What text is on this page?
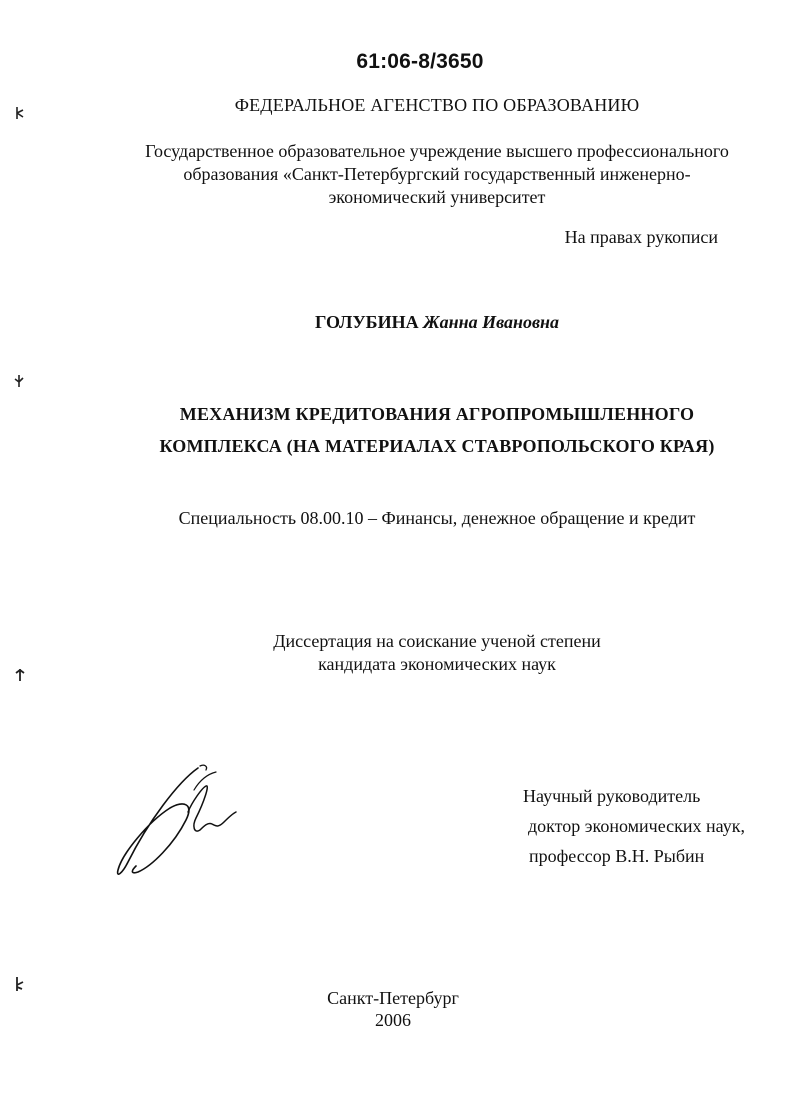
61:06-8/3650
ФЕДЕРАЛЬНОЕ АГЕНСТВО ПО ОБРАЗОВАНИЮ
Государственное образовательное учреждение высшего профессионального
образования «Санкт-Петербургский государственный инженерно-
экономический университет
На правах рукописи
ГОЛУБИНА Жанна Ивановна
МЕХАНИЗМ КРЕДИТОВАНИЯ АГРОПРОМЫШЛЕННОГО
КОМПЛЕКСА (НА МАТЕРИАЛАХ СТАВРОПОЛЬСКОГО КРАЯ)
Специальность 08.00.10 – Финансы, денежное обращение и кредит
Диссертация на соискание ученой степени
кандидата экономических наук
Научный руководитель
доктор экономических наук,
профессор В.Н. Рыбин
Санкт-Петербург
2006
